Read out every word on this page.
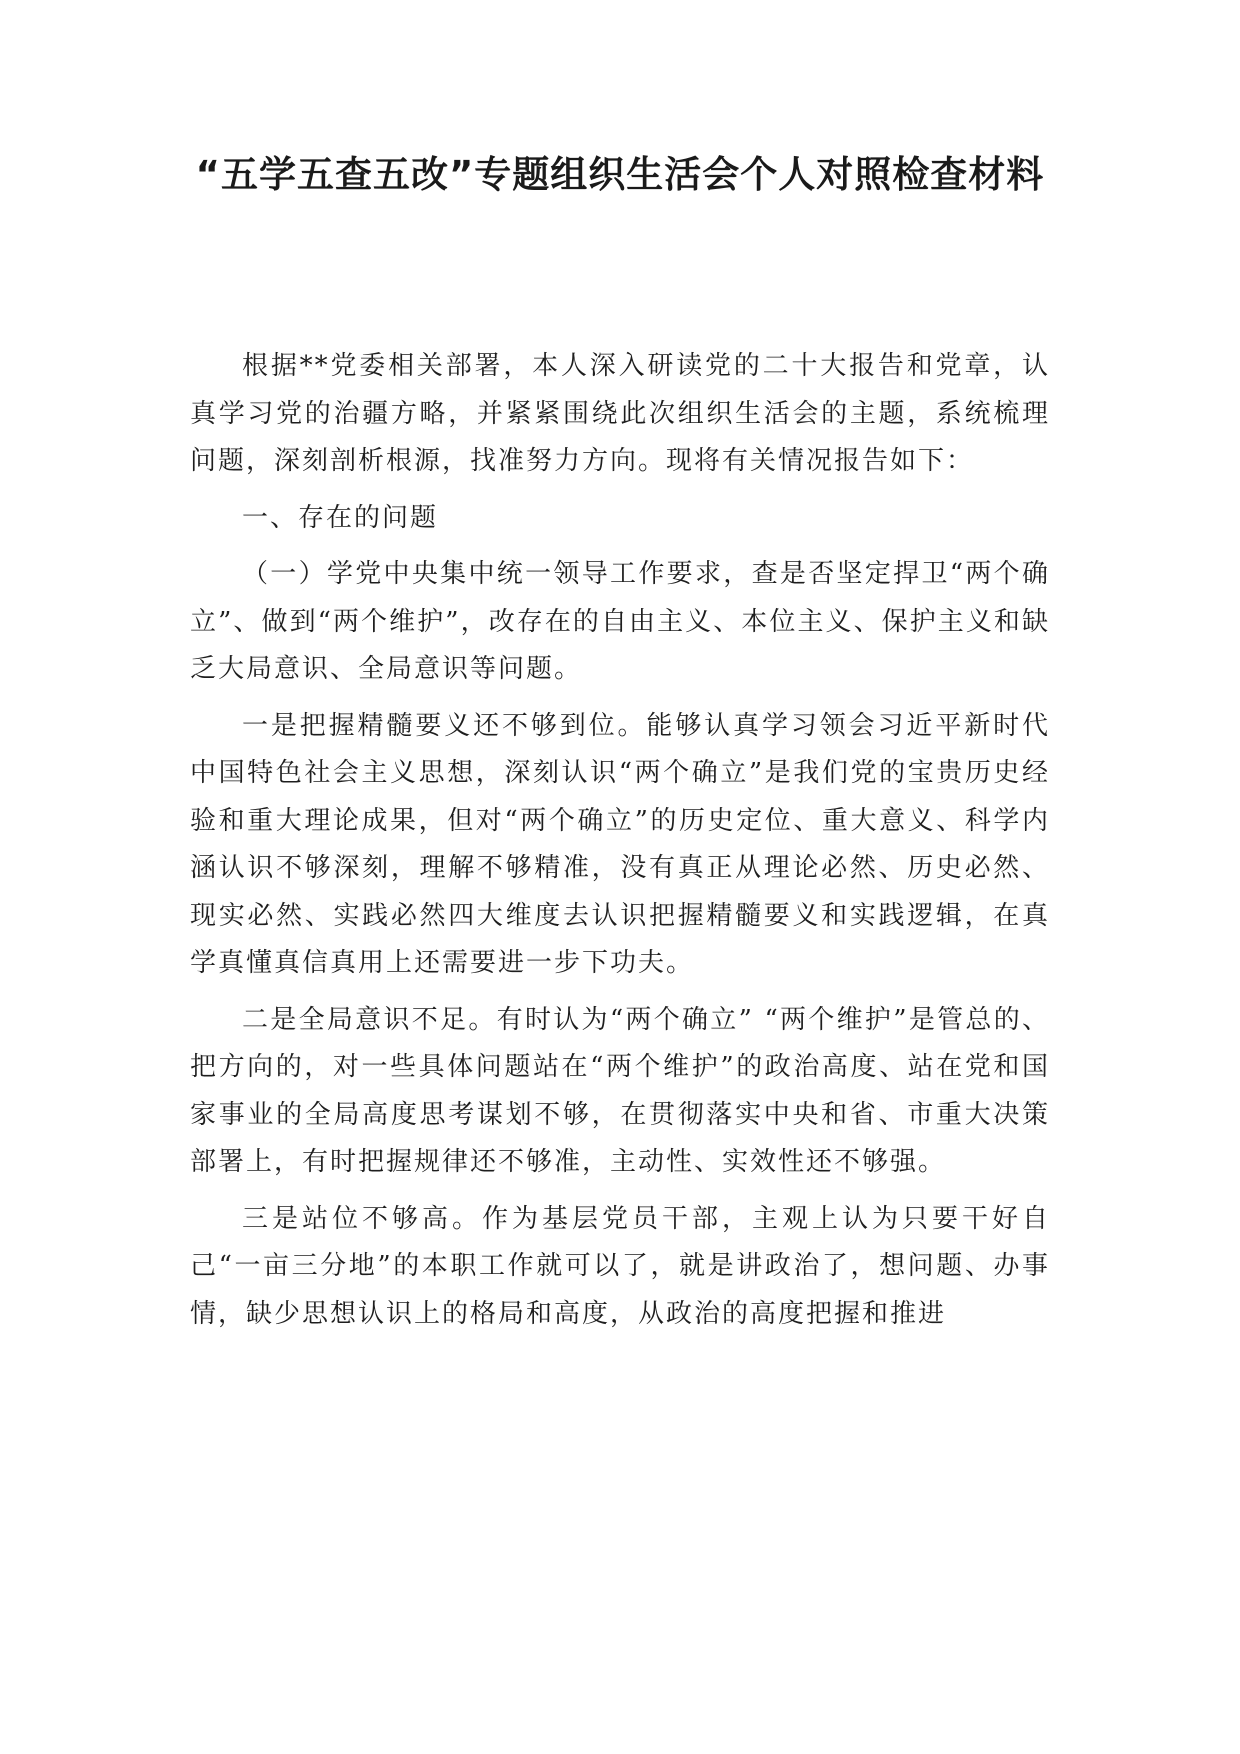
“五学五查五改”专题组织生活会个人对照检查材料

根据**党委相关部署，本人深入研读党的二十大报告和党章，认真学习党的治疆方略，并紧紧围绕此次组织生活会的主题，系统梳理问题，深刻剖析根源，找准努力方向。现将有关情况报告如下：

一、存在的问题

（一）学党中央集中统一领导工作要求，查是否坚定捍卫“两个确立”、做到“两个维护”，改存在的自由主义、本位主义、保护主义和缺乏大局意识、全局意识等问题。

一是把握精髓要义还不够到位。能够认真学习领会习近平新时代中国特色社会主义思想，深刻认识“两个确立”是我们党的宝贵历史经验和重大理论成果，但对“两个确立”的历史定位、重大意义、科学内涵认识不够深刻，理解不够精准，没有真正从理论必然、历史必然、现实必然、实践必然四大维度去认识把握精髓要义和实践逻辑，在真学真懂真信真用上还需要进一步下功夫。

二是全局意识不足。有时认为“两个确立” “两个维护”是管总的、把方向的，对一些具体问题站在“两个维护”的政治高度、站在党和国家事业的全局高度思考谋划不够，在贯彻落实中央和省、市重大决策部署上，有时把握规律还不够准，主动性、实效性还不够强。

三是站位不够高。作为基层党员干部，主观上认为只要干好自己“一亩三分地”的本职工作就可以了，就是讲政治了，想问题、办事情，缺少思想认识上的格局和高度，从政治的高度把握和推进
